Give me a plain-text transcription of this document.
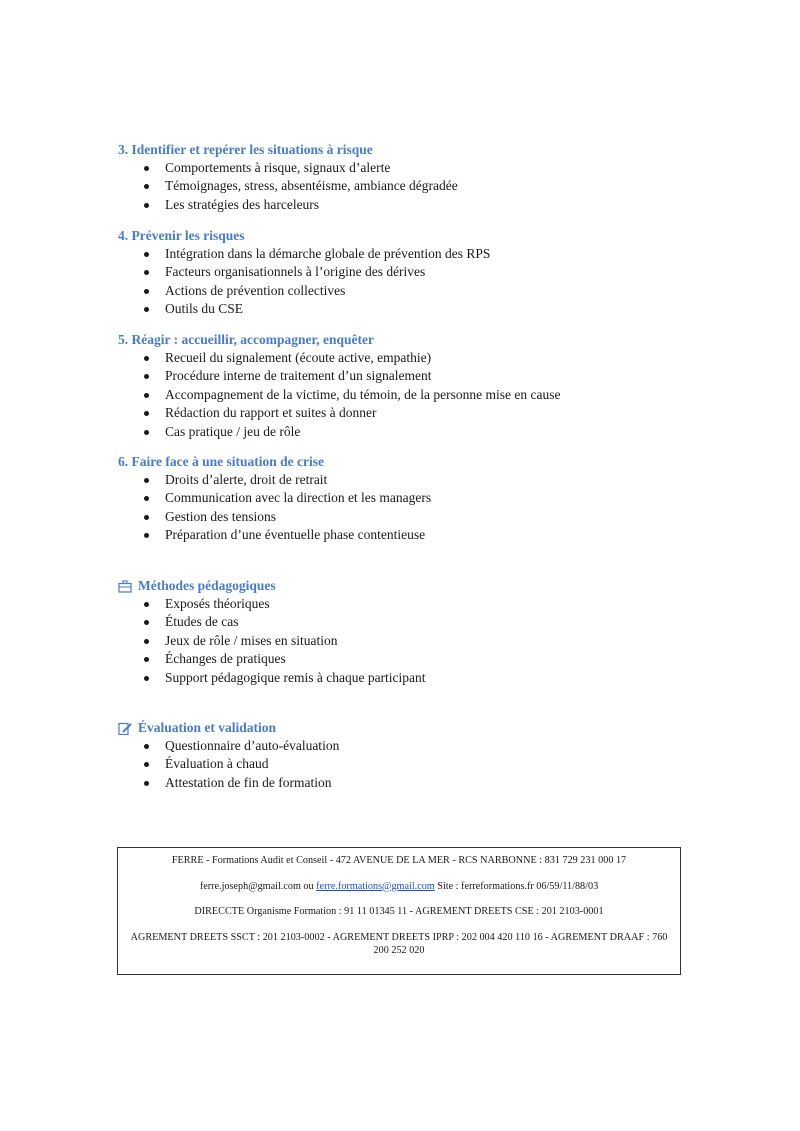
3. Identifier et repérer les situations à risque
Comportements à risque, signaux d’alerte
Témoignages, stress, absentéisme, ambiance dégradée
Les stratégies des harceleurs
4. Prévenir les risques
Intégration dans la démarche globale de prévention des RPS
Facteurs organisationnels à l’origine des dérives
Actions de prévention collectives
Outils du CSE
5. Réagir : accueillir, accompagner, enquêter
Recueil du signalement (écoute active, empathie)
Procédure interne de traitement d’un signalement
Accompagnement de la victime, du témoin, de la personne mise en cause
Rédaction du rapport et suites à donner
Cas pratique / jeu de rôle
6. Faire face à une situation de crise
Droits d’alerte, droit de retrait
Communication avec la direction et les managers
Gestion des tensions
Préparation d’une éventuelle phase contentieuse
Méthodes pédagogiques
Exposés théoriques
Études de cas
Jeux de rôle / mises en situation
Échanges de pratiques
Support pédagogique remis à chaque participant
Évaluation et validation
Questionnaire d’auto-évaluation
Évaluation à chaud
Attestation de fin de formation

FERRE - Formations Audit et Conseil - 472 AVENUE DE LA MER - RCS NARBONNE : 831 729 231 000 17

ferre.joseph@gmail.com ou ferre.formations@gmail.com Site : ferreformations.fr 06/59/11/88/03

DIRECCTE Organisme Formation : 91 11 01345 11 - AGREMENT DREETS CSE : 201 2103-0001

AGREMENT DREETS SSCT : 201 2103-0002 - AGREMENT DREETS IPRP : 202 004 420 110 16 - AGREMENT DRAAF : 760 200 252 020
